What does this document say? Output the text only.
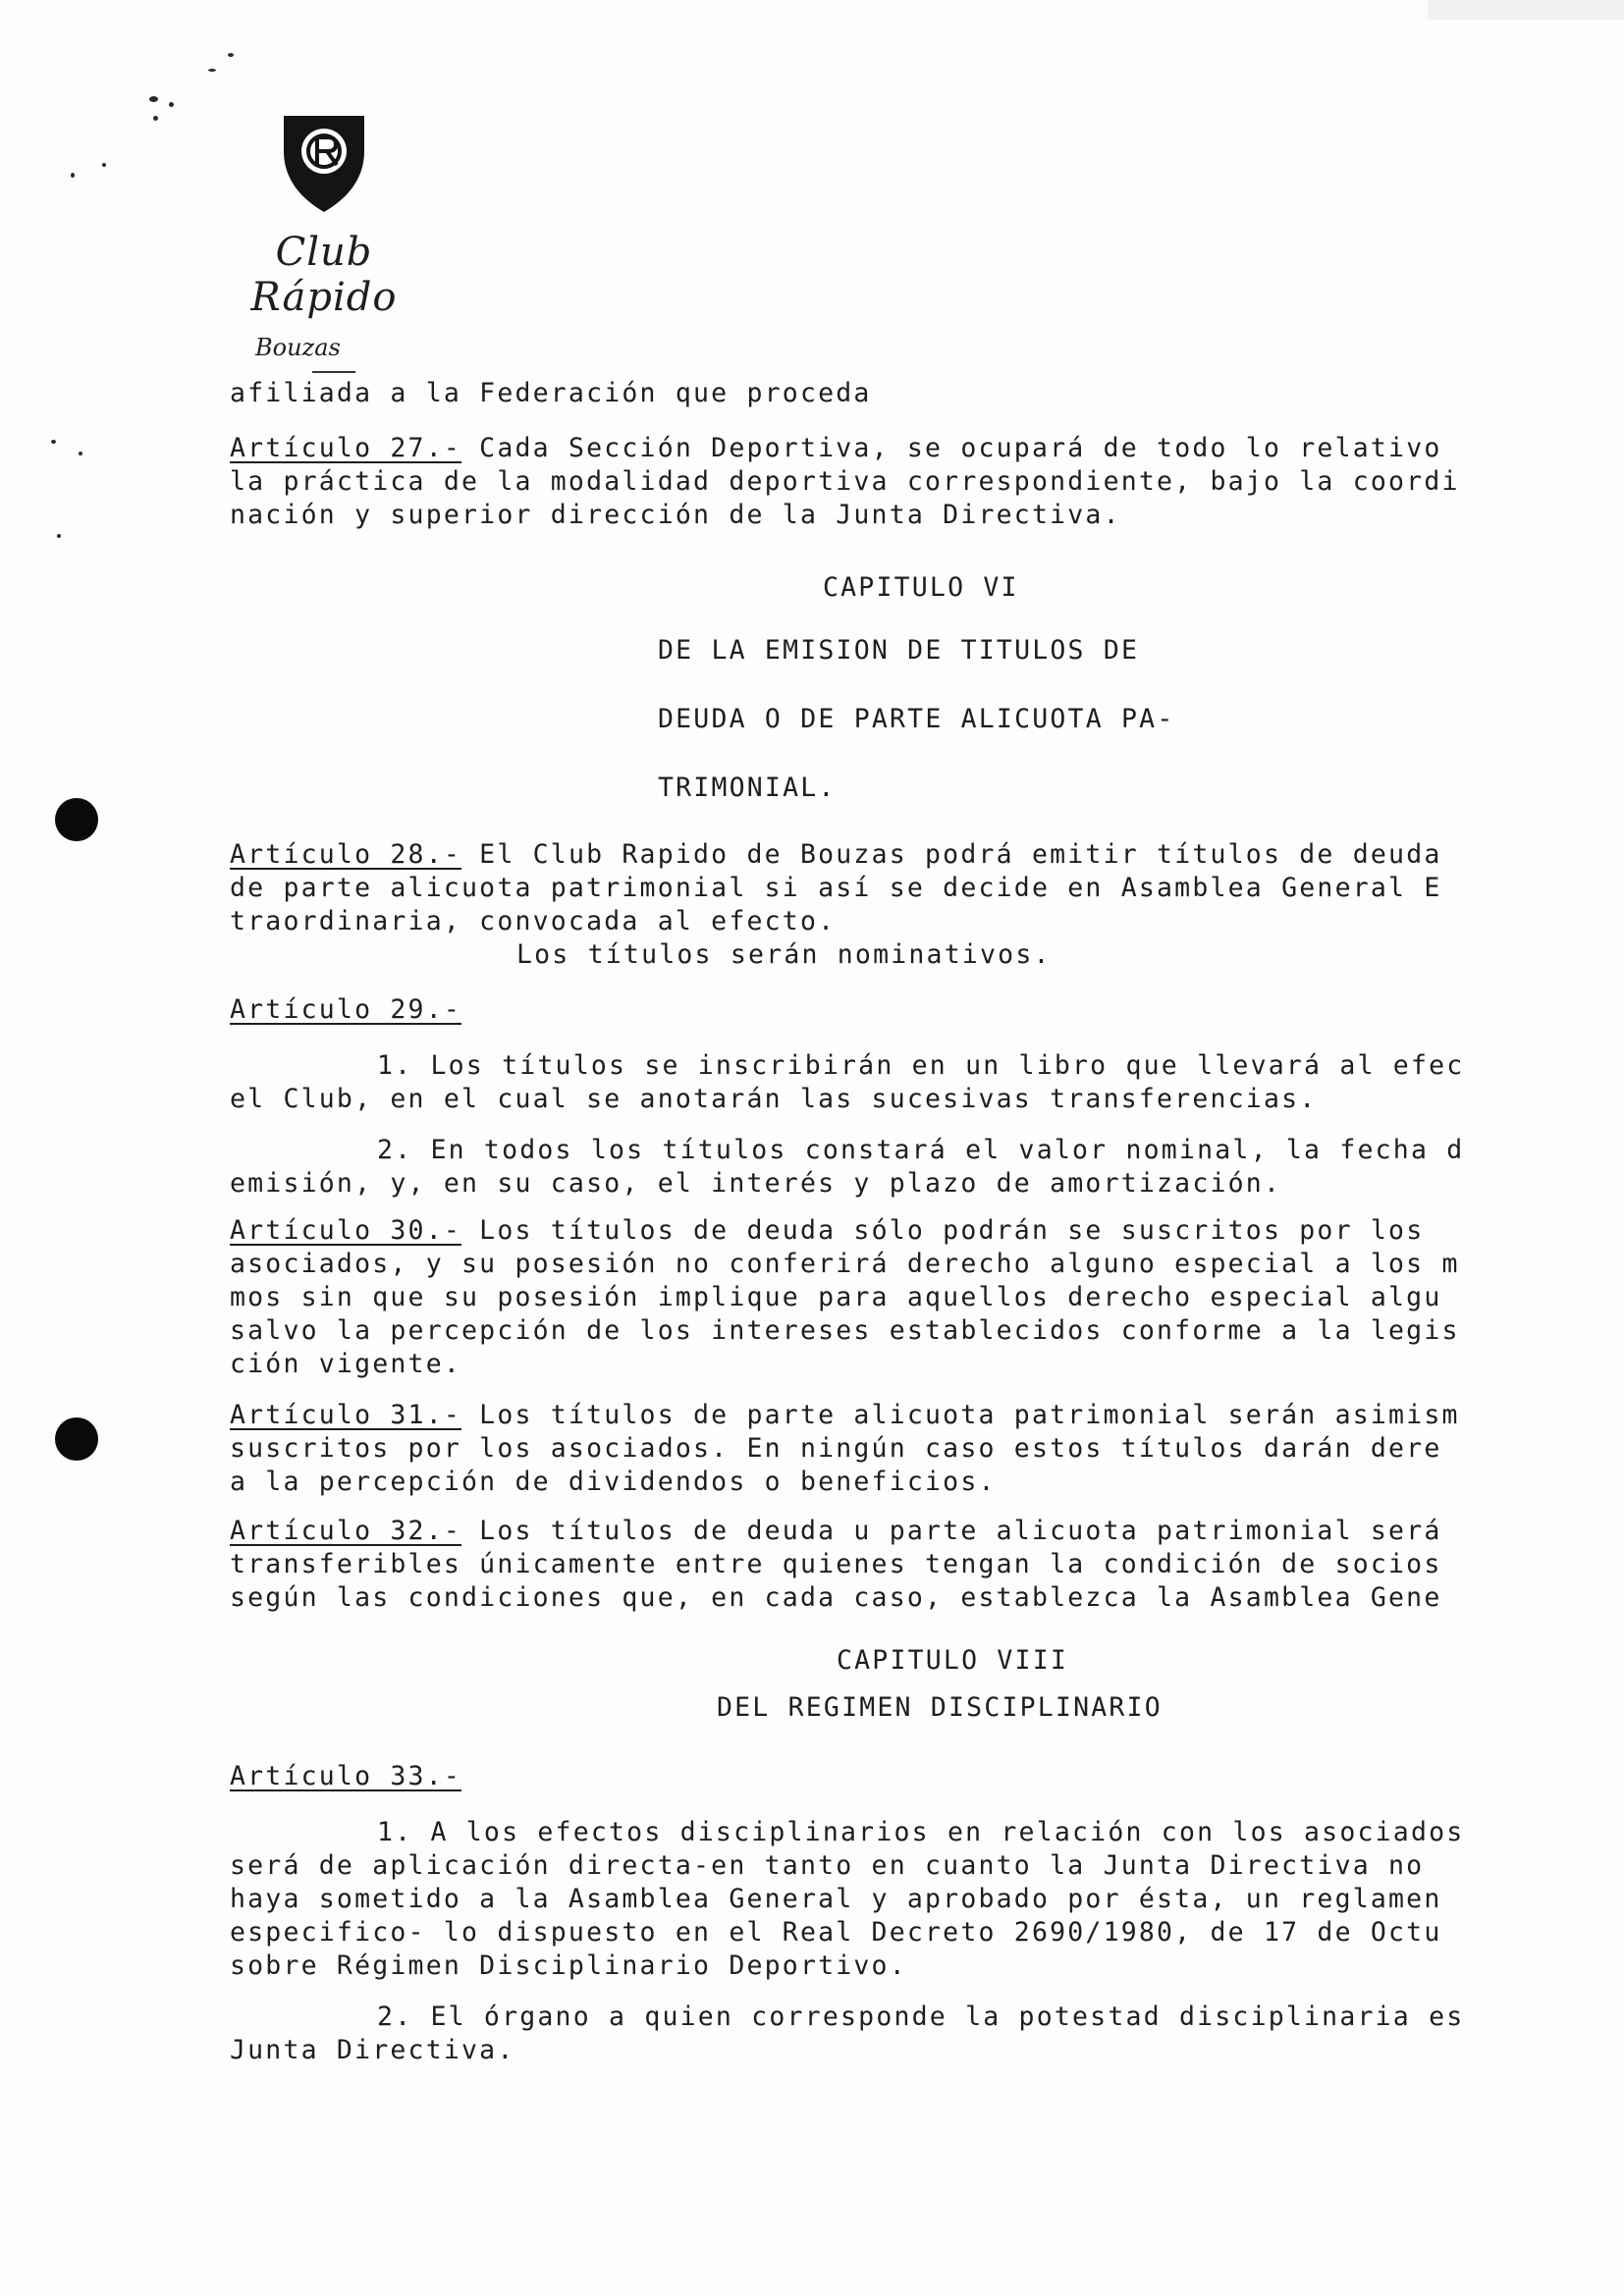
Club Rápido
Bouzas

afiliada a la Federación que proceda

Artículo 27.- Cada Sección Deportiva, se ocupará de todo lo relativo
la práctica de la modalidad deportiva correspondiente, bajo la coordi
nación y superior dirección de la Junta Directiva.
CAPITULO VI
DE LA EMISION DE TITULOS DE
DEUDA O DE PARTE ALICUOTA PA-
TRIMONIAL.
Artículo 28.- El Club Rapido de Bouzas podrá emitir títulos de deuda
de parte alicuota patrimonial si así se decide en Asamblea General E
traordinaria, convocada al efecto.
Los títulos serán nominativos.
Artículo 29.-
1. Los títulos se inscribirán en un libro que llevará al efec
el Club, en el cual se anotarán las sucesivas transferencias.
2. En todos los títulos constará el valor nominal, la fecha d
emisión, y, en su caso, el interés y plazo de amortización.
Artículo 30.- Los títulos de deuda sólo podrán se suscritos por los
asociados, y su posesión no conferirá derecho alguno especial a los m
mos sin que su posesión implique para aquellos derecho especial algu
salvo la percepción de los intereses establecidos conforme a la legis
ción vigente.
Artículo 31.- Los títulos de parte alicuota patrimonial serán asimism
suscritos por los asociados. En ningún caso estos títulos darán dere
a la percepción de dividendos o beneficios.
Artículo 32.- Los títulos de deuda u parte alicuota patrimonial será
transferibles únicamente entre quienes tengan la condición de socios
según las condiciones que, en cada caso, establezca la Asamblea Gene
CAPITULO VIII
DEL REGIMEN DISCIPLINARIO
Artículo 33.-
1. A los efectos disciplinarios en relación con los asociados
será de aplicación directa-en tanto en cuanto la Junta Directiva no
haya sometido a la Asamblea General y aprobado por ésta, un reglamen
especifico- lo dispuesto en el Real Decreto 2690/1980, de 17 de Octu
sobre Régimen Disciplinario Deportivo.
2. El órgano a quien corresponde la potestad disciplinaria es
Junta Directiva.
